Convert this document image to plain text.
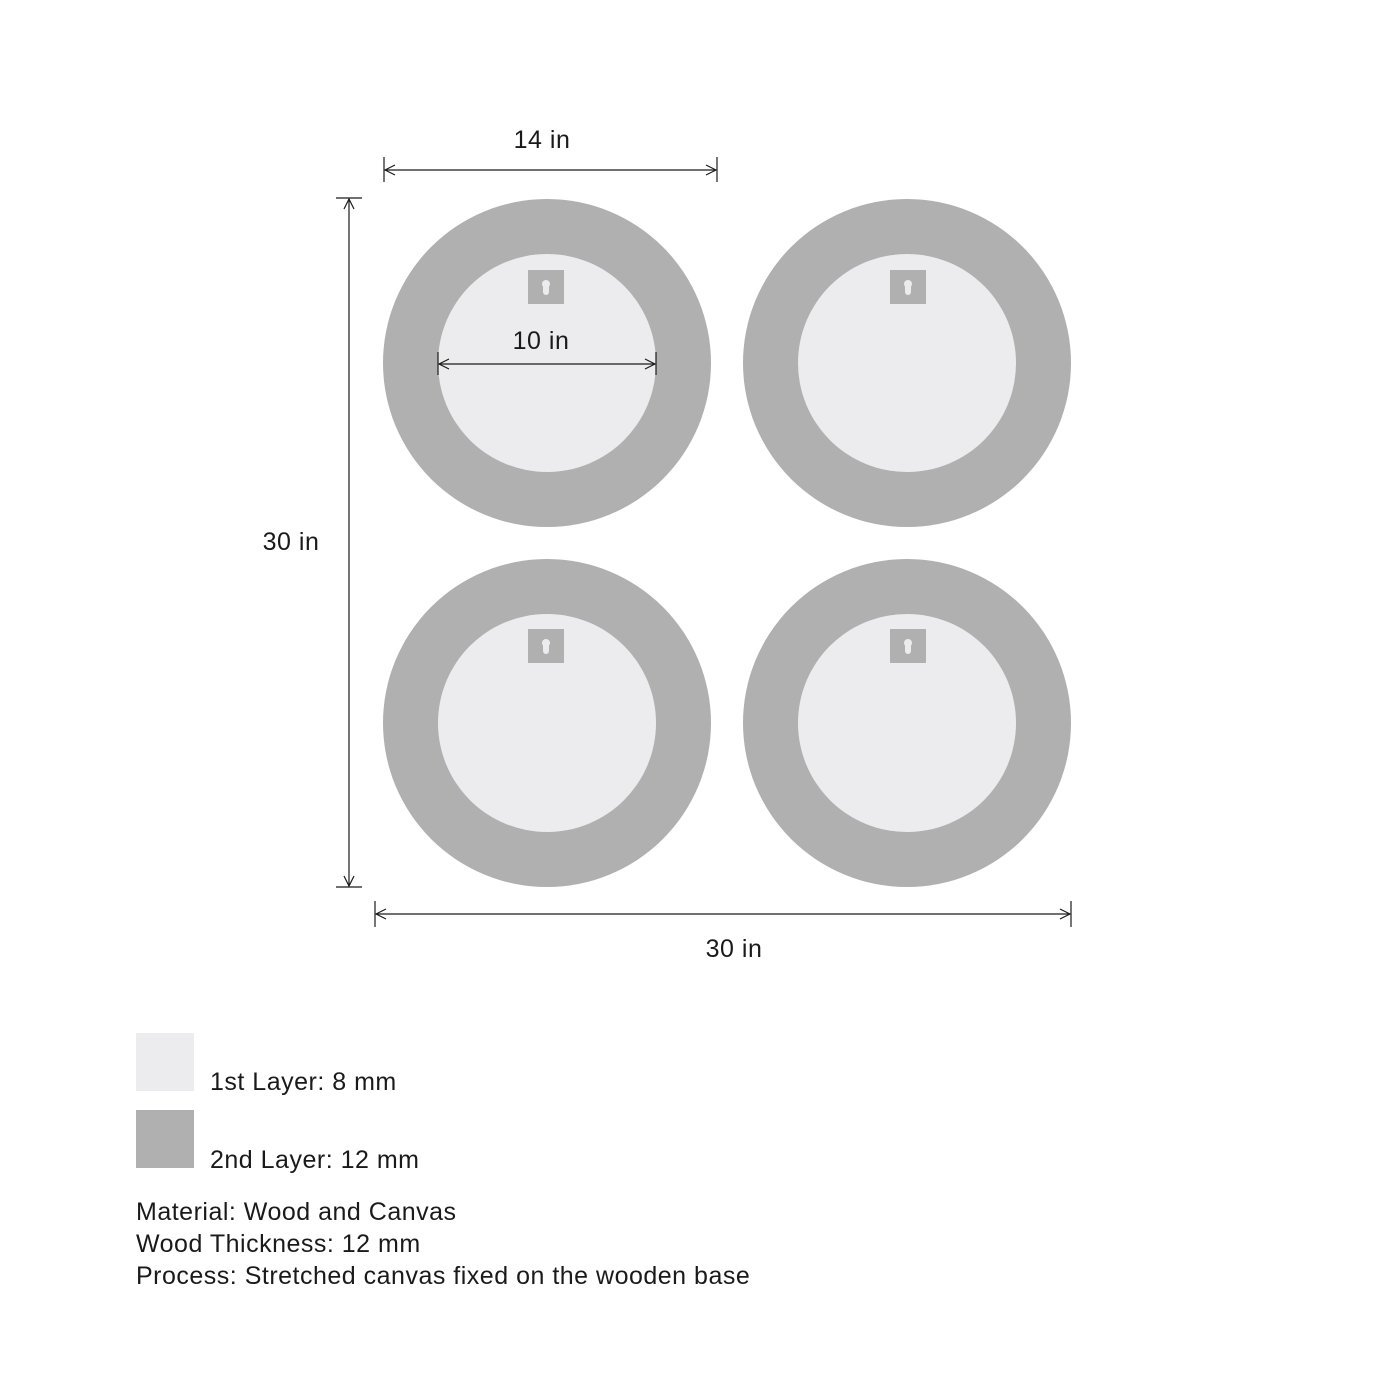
14 in
10 in
30 in
30 in
1st Layer: 8 mm
2nd Layer: 12 mm
Material: Wood and Canvas
Wood Thickness: 12 mm
Process: Stretched canvas fixed on the wooden base
